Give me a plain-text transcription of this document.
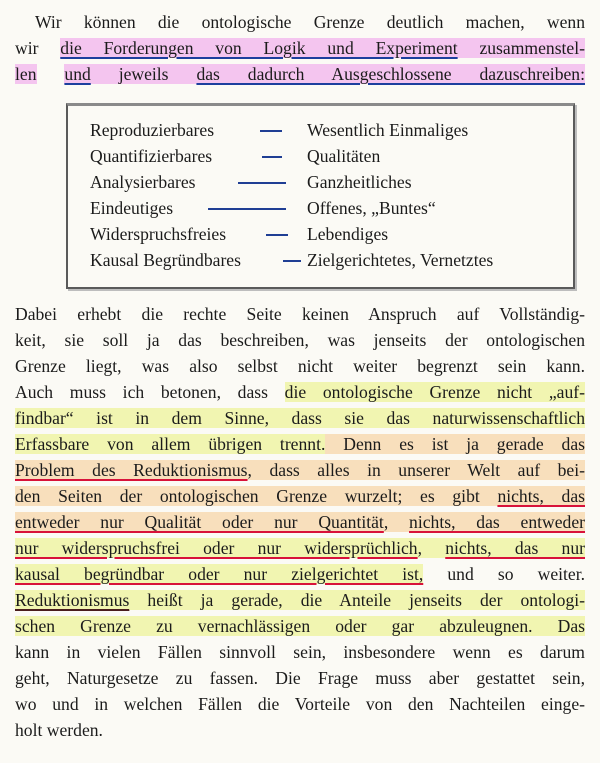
Wir können die ontologische Grenze deutlich machen, wenn
wir die Forderungen von Logik und Experiment zusammenstel-
len und jeweils das dadurch Ausgeschlossene dazuschreiben:
Reproduzierbares	Wesentlich Einmaliges
Quantifizierbares	Qualitäten
Analysierbares	Ganzheitliches
Eindeutiges	Offenes, „Buntes“
Widerspruchsfreies	Lebendiges
Kausal Begründbares	Zielgerichtetes, Vernetztes
Dabei erhebt die rechte Seite keinen Anspruch auf Vollständig-
keit, sie soll ja das beschreiben, was jenseits der ontologischen
Grenze liegt, was also selbst nicht weiter begrenzt sein kann.
Auch muss ich betonen, dass die ontologische Grenze nicht „auf-
findbar“ ist in dem Sinne, dass sie das naturwissenschaftlich
Erfassbare von allem übrigen trennt. Denn es ist ja gerade das
Problem des Reduktionismus, dass alles in unserer Welt auf bei-
den Seiten der ontologischen Grenze wurzelt; es gibt nichts, das
entweder nur Qualität oder nur Quantität, nichts, das entweder
nur widerspruchsfrei oder nur widersprüchlich, nichts, das nur
kausal begründbar oder nur zielgerichtet ist, und so weiter.
Reduktionismus heißt ja gerade, die Anteile jenseits der ontologi-
schen Grenze zu vernachlässigen oder gar abzuleugnen. Das
kann in vielen Fällen sinnvoll sein, insbesondere wenn es darum
geht, Naturgesetze zu fassen. Die Frage muss aber gestattet sein,
wo und in welchen Fällen die Vorteile von den Nachteilen einge-
holt werden.
